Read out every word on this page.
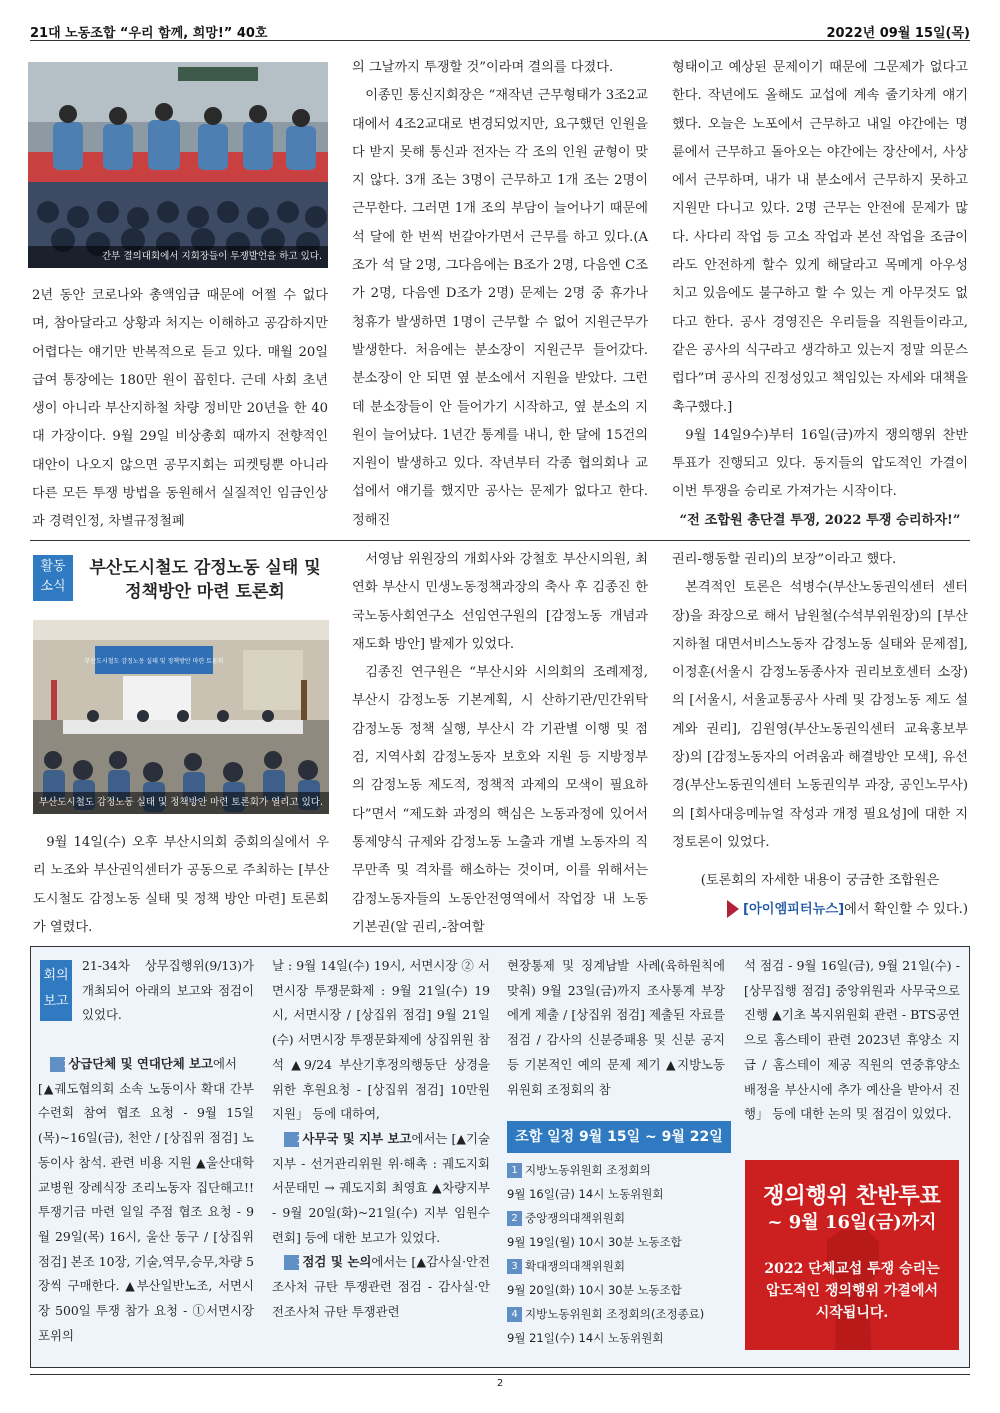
21대 노동조합 “우리 함께, 희망!” 40호	2022년 09월 15일(목)
간부 결의대회에서 지회장들이 투쟁발언을 하고 있다.

2년 동안 코로나와 총액임금 때문에 어쩔 수 없다며, 참아달라고 상황과 처지는 이해하고 공감하지만 어렵다는 얘기만 반복적으로 듣고 있다. 매월 20일 급여 통장에는 180만 원이 꼽힌다. 근데 사회 초년생이 아니라 부산지하철 차량 정비만 20년을 한 40대 가장이다. 9월 29일 비상총회 때까지 전향적인 대안이 나오지 않으면 공무지회는 피켓팅뿐 아니라 다른 모든 투쟁 방법을 동원해서 실질적인 임금인상과 경력인정, 차별규정철폐

의 그날까지 투쟁할 것”이라며 결의를 다졌다.

이종민 통신지회장은 “재작년 근무형태가 3조2교대에서 4조2교대로 변경되었지만, 요구했던 인원을 다 받지 못해 통신과 전자는 각 조의 인원 균형이 맞지 않다. 3개 조는 3명이 근무하고 1개 조는 2명이 근무한다. 그러면 1개 조의 부담이 늘어나기 때문에 석 달에 한 번씩 번갈아가면서 근무를 하고 있다.(A조가 석 달 2명, 그다음에는 B조가 2명, 다음엔 C조가 2명, 다음엔 D조가 2명) 문제는 2명 중 휴가나 청휴가 발생하면 1명이 근무할 수 없어 지원근무가 발생한다. 처음에는 분소장이 지원근무 들어갔다. 분소장이 안 되면 옆 분소에서 지원을 받았다. 그런데 분소장들이 안 들어가기 시작하고, 옆 분소의 지원이 늘어났다. 1년간 통계를 내니, 한 달에 15건의 지원이 발생하고 있다. 작년부터 각종 협의회나 교섭에서 얘기를 했지만 공사는 문제가 없다고 한다. 정해진

형태이고 예상된 문제이기 때문에 그문제가 없다고 한다. 작년에도 올해도 교섭에 계속 줄기차게 얘기했다. 오늘은 노포에서 근무하고 내일 야간에는 명륜에서 근무하고 돌아오는 야간에는 장산에서, 사상에서 근무하며, 내가 내 분소에서 근무하지 못하고 지원만 다니고 있다. 2명 근무는 안전에 문제가 많다. 사다리 작업 등 고소 작업과 본선 작업을 조금이라도 안전하게 할수 있게 해달라고 목메게 아우성 치고 있음에도 불구하고 할 수 있는 게 아무것도 없다고 한다. 공사 경영진은 우리들을 직원들이라고, 같은 공사의 식구라고 생각하고 있는지 정말 의문스럽다”며 공사의 진정성있고 책임있는 자세와 대책을 촉구했다.]

9월 14일9수)부터 16일(금)까지 쟁의행위 찬반투표가 진행되고 있다. 동지들의 압도적인 가결이 이번 투쟁을 승리로 가져가는 시작이다.

“전 조합원 총단결 투쟁, 2022 투쟁 승리하자!”

활동
소식
부산도시철도 감정노동 실태 및
정책방안 마련 토론회
부산도시철도 감정노동 실태 및 정책방안 마련 토론회
부산도시철도 감정노동 실태 및 정책방안 마련 토론회가 열리고 있다.

9월 14일(수) 오후 부산시의회 중회의실에서 우리 노조와 부산권익센터가 공동으로 주최하는 [부산도시철도 감정노동 실태 및 정책 방안 마련] 토론회가 열렸다.

서영남 위원장의 개회사와 강철호 부산시의원, 최연화 부산시 민생노동정책과장의 축사 후 김종진 한국노동사회연구소 선임연구원의 [감정노동 개념과 재도화 방안] 발제가 있었다.

김종진 연구원은 “부산시와 시의회의 조례제정, 부산시 감정노동 기본계획, 시 산하기관/민간위탁 감정노동 정책 실행, 부산시 각 기관별 이행 및 점검, 지역사회 감정노동자 보호와 지원 등 지방정부의 감정노동 제도적, 정책적 과제의 모색이 필요하다”면서 “제도화 과정의 핵심은 노동과정에 있어서 통제양식 규제와 감정노동 노출과 개별 노동자의 직무만족 및 격차를 해소하는 것이며, 이를 위해서는 감정노동자들의 노동안전영역에서 작업장 내 노동기본권(알 권리,-참여할

권리-행동할 권리)의 보장”이라고 했다.

본격적인 토론은 석병수(부산노동권익센터 센터장)을 좌장으로 해서 남원철(수석부위원장)의 [부산지하철 대면서비스노동자 감정노동 실태와 문제점], 이정훈(서울시 감정노동종사자 권리보호센터 소장)의 [서울시, 서울교통공사 사례 및 감정노동 제도 설계와 권리], 김원영(부산노동권익센터 교육홍보부장)의 [감정노동자의 어려움과 해결방안 모색], 유선경(부산노동권익센터 노동권익부 과장, 공인노무사)의 [회사대응메뉴얼 작성과 개정 필요성]에 대한 지정토론이 있었다.

(토론회의 자세한 내용이 궁금한 조합원은

[아이엠피터뉴스]에서 확인할 수 있다.)

회의
보고

21-34차 상무집행위(9/13)가 개최되어 아래의 보고와 점검이 있었다.

1상급단체 및 연대단체 보고에서

[▲궤도협의회 소속 노동이사 확대 간부 수련회 참여 협조 요청 - 9월 15일(목)~16일(금), 천안 / [상집위 점검] 노동이사 참석. 관련 비용 지원 ▲울산대학교병원 장례식장 조리노동자 집단해고!! 투쟁기금 마련 일일 주점 협조 요청 - 9월 29일(목) 16시, 울산 동구 / [상집위 점검] 본조 10장, 기술,역무,승무,차량 5장씩 구매한다. ▲부산일반노조, 서면시장 500일 투쟁 참가 요청 - ①서면시장 포위의

날 : 9월 14일(수) 19시, 서면시장 ② 서면시장 투쟁문화제 : 9월 21일(수) 19시, 서면시장 / [상집위 점검] 9월 21일(수) 서면시장 투쟁문화제에 상집위원 참석 ▲9/24 부산기후정의행동단 상경을 위한 후원요청 - [상집위 점검] 10만원 지원」 등에 대하여,

2사무국 및 지부 보고에서는 [▲기술지부 - 선거관리위원 위·해촉 : 궤도지회 서문태민 → 궤도지회 최영효 ▲차량지부 - 9월 20일(화)~21일(수) 지부 임원수련회] 등에 대한 보고가 있었다.

3점검 및 논의에서는 [▲감사실·안전조사처 규탄 투쟁관련 점검 - 감사실·안전조사처 규탄 투쟁관련

현장통제 및 징계남발 사례(육하원칙에 맞춰) 9월 23일(금)까지 조사통계 부장에게 제출 / [상집위 점검] 제출된 자료를 점검 / 감사의 신분증패용 및 신분 공지 등 기본적인 예의 문제 제기 ▲지방노동위원회 조정회의 참

조합 일정 9월 15일 ~ 9월 22일
1 지방노동위원회 조정회의
9월 16일(금) 14시 노동위원회
2 중앙쟁의대책위원회
9월 19일(월) 10시 30분 노동조합
3 확대쟁의대책위원회
9월 20일(화) 10시 30분 노동조합
4 지방노동위원회 조정회의(조정종료)
9월 21일(수) 14시 노동위원회

석 점검 - 9월 16일(금), 9월 21일(수) - [상무집행 점검] 중앙위원과 사무국으로 진행 ▲기초 복지위원회 관련 - BTS공연으로 홈스테이 관련 2023년 휴양소 지급 / 홈스테이 제공 직원의 연중휴양소 배정을 부산시에 추가 예산을 받아서 진행」 등에 대한 논의 및 점검이 있었다.

쟁의행위 찬반투표
~ 9월 16일(금)까지
2022 단체교섭 투쟁 승리는
압도적인 쟁의행위 가결에서
시작됩니다.
2
